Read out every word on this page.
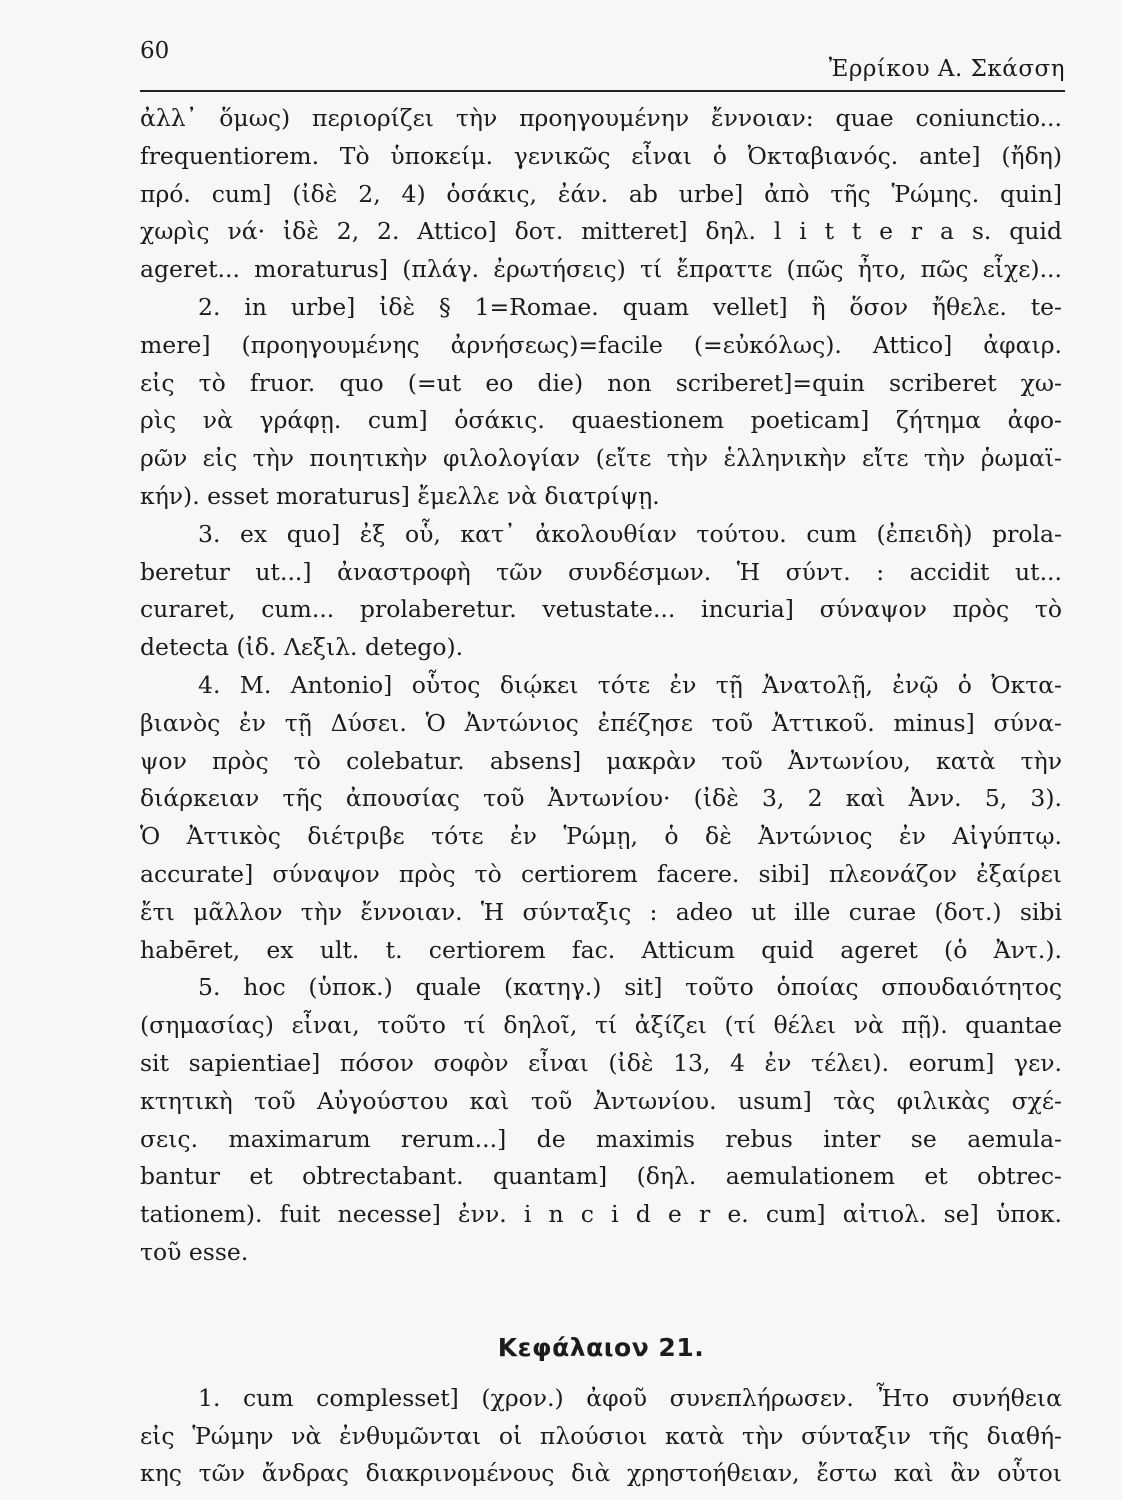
60
Ἐρρίκου Α. Σκάσση
ἀλλ᾿ ὅμως) περιορίζει τὴν προηγουμένην ἔννοιαν: quae coniunctio...
frequentiorem. Τὸ ὑποκείμ. γενικῶς εἶναι ὁ Ὀκταβιανός. ante] (ἤδη)
πρό. cum] (ἰδὲ 2, 4) ὁσάκις, ἐάν. ab urbe] ἀπὸ τῆς Ῥώμης. quin]
χωρὶς νά· ἰδὲ 2, 2. Attico] δοτ. mitteret] δηλ. l i t t e r a s. quid
ageret... moraturus] (πλάγ. ἐρωτήσεις) τί ἔπραττε (πῶς ἦτο, πῶς εἶχε)...
2. in urbe] ἰδὲ § 1=Romae. quam vellet] ἢ ὅσον ἤθελε. te-
mere] (προηγουμένης ἀρνήσεως)=facile (=εὐκόλως). Attico] ἀφαιρ.
εἰς τὸ fruor. quo (=ut eo die) non scriberet]=quin scriberet χω-
ρὶς νὰ γράφῃ. cum] ὁσάκις. quaestionem poeticam] ζήτημα ἀφο-
ρῶν εἰς τὴν ποιητικὴν φιλολογίαν (εἴτε τὴν ἑλληνικὴν εἴτε τὴν ῥωμαϊ-
κήν). esset moraturus] ἔμελλε νὰ διατρίψῃ.
3. ex quo] ἐξ οὗ, κατ᾿ ἀκολουθίαν τούτου. cum (ἐπειδὴ) prola-
beretur ut...] ἀναστροφὴ τῶν συνδέσμων. Ἡ σύντ. : accidit ut...
curaret, cum... prolaberetur. vetustate... incuria] σύναψον πρὸς τὸ
detecta (ἰδ. Λεξιλ. detego).
4. M. Antonio] οὗτος διῴκει τότε ἐν τῇ Ἀνατολῇ, ἐνῷ ὁ Ὀκτα-
βιανὸς ἐν τῇ Δύσει. Ὁ Ἀντώνιος ἐπέζησε τοῦ Ἀττικοῦ. minus] σύνα-
ψον πρὸς τὸ colebatur. absens] μακρὰν τοῦ Ἀντωνίου, κατὰ τὴν
διάρκειαν τῆς ἀπουσίας τοῦ Ἀντωνίου· (ἰδὲ 3, 2 καὶ Ἀνν. 5, 3).
Ὁ Ἀττικὸς διέτριβε τότε ἐν Ῥώμῃ, ὁ δὲ Ἀντώνιος ἐν Αἰγύπτῳ.
accurate] σύναψον πρὸς τὸ certiorem facere. sibi] πλεονάζον ἐξαίρει
ἔτι μᾶλλον τὴν ἔννοιαν. Ἡ σύνταξις : adeo ut ille curae (δοτ.) sibi
habēret, ex ult. t. certiorem fac. Atticum quid ageret (ὁ Ἀντ.).
5. hoc (ὑποκ.) quale (κατηγ.) sit] τοῦτο ὁποίας σπουδαιότητος
(σημασίας) εἶναι, τοῦτο τί δηλοῖ, τί ἀξίζει (τί θέλει νὰ πῇ). quantae
sit sapientiae] πόσον σοφὸν εἶναι (ἰδὲ 13, 4 ἐν τέλει). eorum] γεν.
κτητικὴ τοῦ Αὐγούστου καὶ τοῦ Ἀντωνίου. usum] τὰς φιλικὰς σχέ-
σεις. maximarum rerum...] de maximis rebus inter se aemula-
bantur et obtrectabant. quantam] (δηλ. aemulationem et obtrec-
tationem). fuit necesse] ἐνν. i n c i d e r e. cum] αἰτιολ. se] ὑποκ.
τοῦ esse.
Κεφάλαιον 21.
1. cum complesset] (χρον.) ἀφοῦ συνεπλήρωσεν. Ἦτο συνήθεια
εἰς Ῥώμην νὰ ἐνθυμῶνται οἱ πλούσιοι κατὰ τὴν σύνταξιν τῆς διαθή-
κης τῶν ἄνδρας διακρινομένους διὰ χρηστοήθειαν, ἔστω καὶ ἂν οὗτοι
